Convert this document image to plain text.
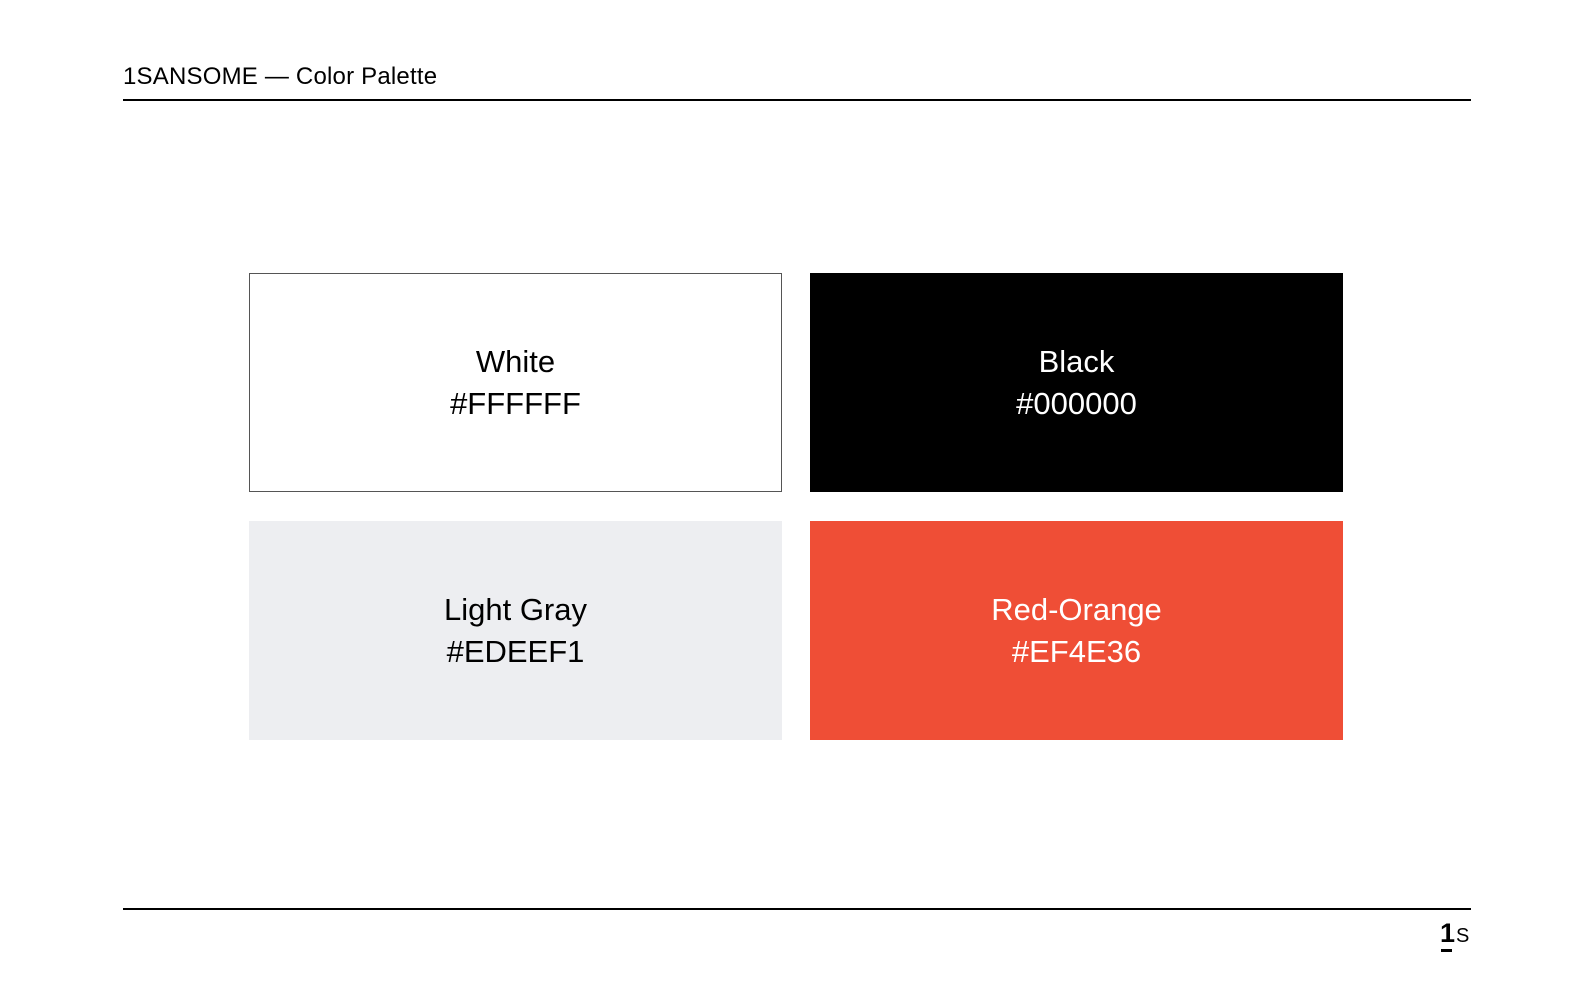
1SANSOME — Color Palette
White
#FFFFFF
Black
#000000
Light Gray
#EDEEF1
Red-Orange
#EF4E36
1 S
